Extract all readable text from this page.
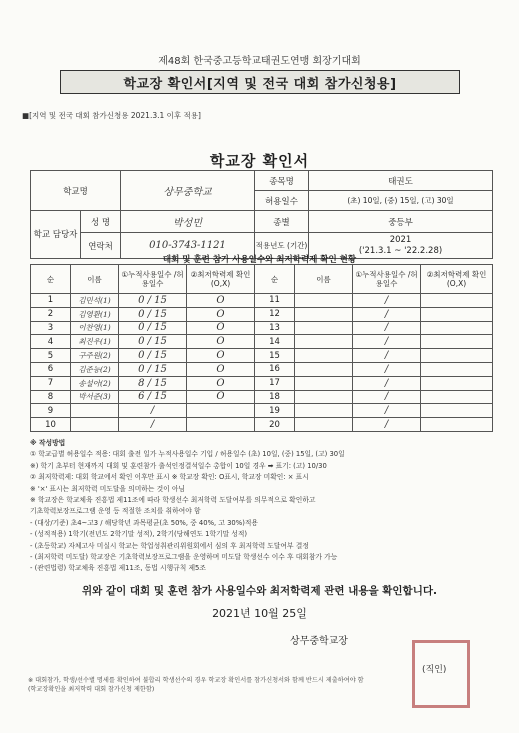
제48회 한국중고등학교태권도연맹 회장기대회
학교장 확인서[지역 및 전국 대회 참가신청용]
■[지역 및 전국 대회 참가신청용 2021.3.1 이후 적용]
학교장 확인서
학교명		상무중학교	종목명	태권도
			허용일수	(초) 10일, (중) 15일, (고) 30일
학교 담당자	성 명	박성민	종별	중등부
	연락처	010-3743-1121	적용년도 (기간)	2021
('21.3.1 ~ '22.2.28)
대회 및 훈련 참가 사용일수와 최저학력제 확인 현황
순	이름	①누적사용일수 /허용일수	②최저학력제 확인(O,X)	순	이름	①누적사용일수 /허용일수	②최저학력제 확인(O,X)
1	김민석(1)	0 / 15	O	11		/	
2	김영환(1)	0 / 15	O	12		/	
3	이찬영(1)	0 / 15	O	13		/	
4	최진우(1)	0 / 15	O	14		/	
5	구주원(2)	0 / 15	O	15		/	
6	김준능(2)	0 / 15	O	16		/	
7	송설아(2)	8 / 15	O	17		/	
8	박서준(3)	6 / 15	O	18		/	
9		/		19		/	
10		/		20		/	
※ 작성방법
① 학교급별 허용일수 적용: 대회 출전 일가 누적사용일수 기입 / 허용일수 (초) 10일, (중) 15일, (고) 30일
※) 학기 초부터 현재까지 대회 및 훈련참가 출석인정결석일수 총합이 10일 경우 ➡ 표기: (고) 10/30
② 최저학력제: 대회 학교에서 확인 이후만 표시 ※ 학교장 확인: O표시, 학교장 미확인: × 표시
※ '×' 표시는 최저학력 미도달을 의미하는 것이 아님
※ 학교장은 학교체육 진흥법 제11조에 따라 학생선수 최저학력 도달여부를 의무적으로 확인하고
기초학력보장프로그램 운영 등 적절한 조치를 취하여야 함
- (대상/기준) 초4~고3 / 해당학년 과목평균(초 50%, 중 40%, 고 30%)적용
- (성적적용) 1학기(전년도 2학기말 성적), 2학기(당해연도 1학기말 성적)
- (초등학교) 자체고사 미실시 학교는 학업성취관리위원회에서 심의 후 최저학력 도달여부 결정
- (최저학력 미도달) 학교장은 기초학력보장프로그램을 운영하며 미도달 학생선수 이수 후 대회참가 가능
- (관련법령) 학교체육 진흥법 제11조, 동법 시행규칙 제5조
위와 같이 대회 및 훈련 참가 사용일수와 최저학력제 관련 내용을 확인합니다.
2021년 10월 25일
상무중학교장
(직인)
※ 대회참가, 학생/선수별 명세를 확인하여 불합리 학생선수의 경우 학교장 확인서를 참가신청서와 함께 반드시 제출하여야 함
(학교장확인을 최저학력 대회 참가신청 제한함)
